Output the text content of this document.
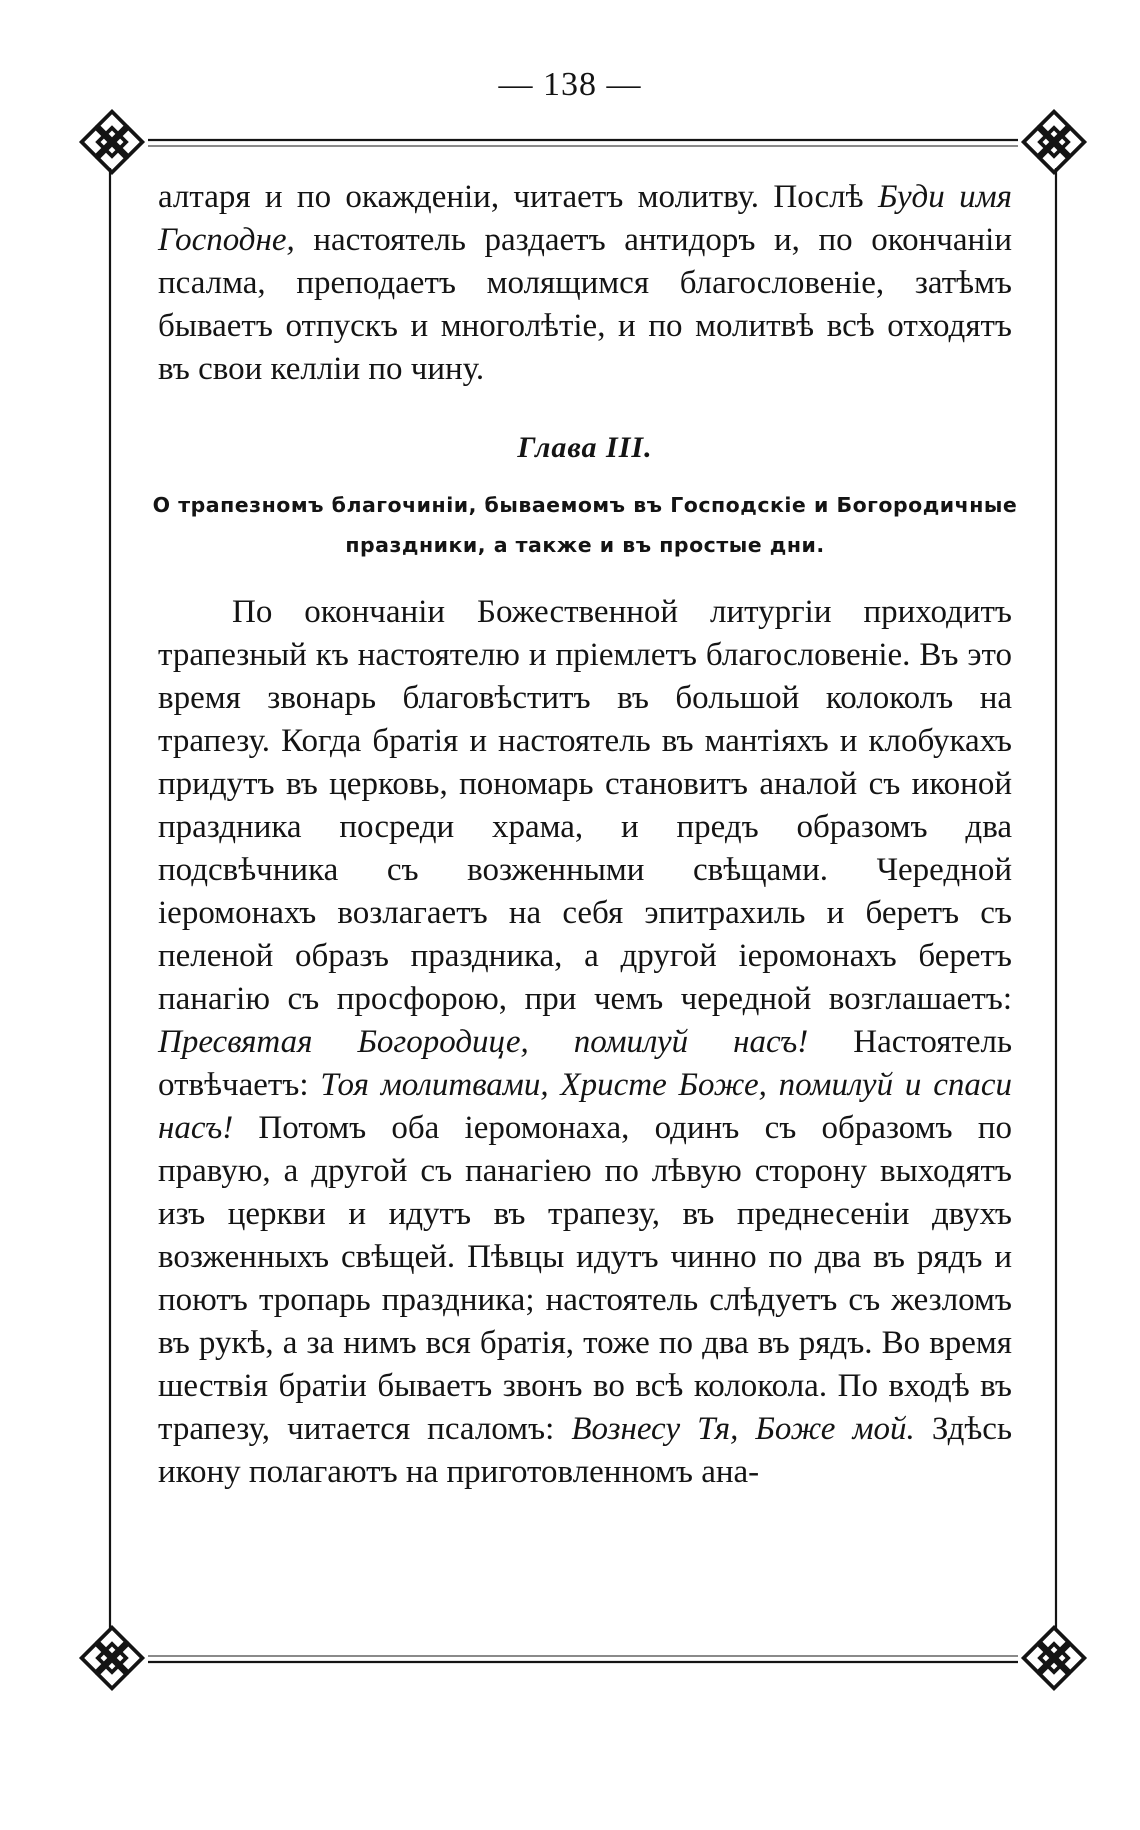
— 138 —

алтаря и по окажденіи, читаетъ молитву. Послѣ Буди имя Господне, настоятель раздаетъ антидоръ и, по окончаніи псалма, преподаетъ молящимся благословеніе, затѣмъ бываетъ отпускъ и многолѣтіе, и по молитвѣ всѣ отходятъ въ свои келліи по чину.

Глава III.
О трапезномъ благочиніи, бываемомъ въ Господскіе и Богородичные праздники, а также и въ простые дни.

По окончаніи Божественной литургіи приходитъ трапезный къ настоятелю и пріемлетъ благословеніе. Въ это время звонарь благовѣститъ въ большой колоколъ на трапезу. Когда братія и настоятель въ мантіяхъ и клобукахъ придутъ въ церковь, пономарь становитъ аналой съ иконой праздника посреди храма, и предъ образомъ два подсвѣчника съ возженными свѣщами. Чередной іеромонахъ возлагаетъ на себя эпитрахиль и беретъ съ пеленой образъ праздника, а другой іеромонахъ беретъ панагію съ просфорою, при чемъ чередной возглашаетъ: Пресвятая Богородице, помилуй насъ! Настоятель отвѣчаетъ: Тоя молитвами, Христе Боже, помилуй и спаси насъ! Потомъ оба іеромонаха, одинъ съ образомъ по правую, а другой съ панагіею по лѣвую сторону выходятъ изъ церкви и идутъ въ трапезу, въ преднесеніи двухъ возженныхъ свѣщей. Пѣвцы идутъ чинно по два въ рядъ и поютъ тропарь праздника; настоятель слѣдуетъ съ жезломъ въ рукѣ, а за нимъ вся братія, тоже по два въ рядъ. Во время шествія братіи бываетъ звонъ во всѣ колокола. По входѣ въ трапезу, читается псаломъ: Вознесу Тя, Боже мой. Здѣсь икону полагаютъ на приготовленномъ ана-
